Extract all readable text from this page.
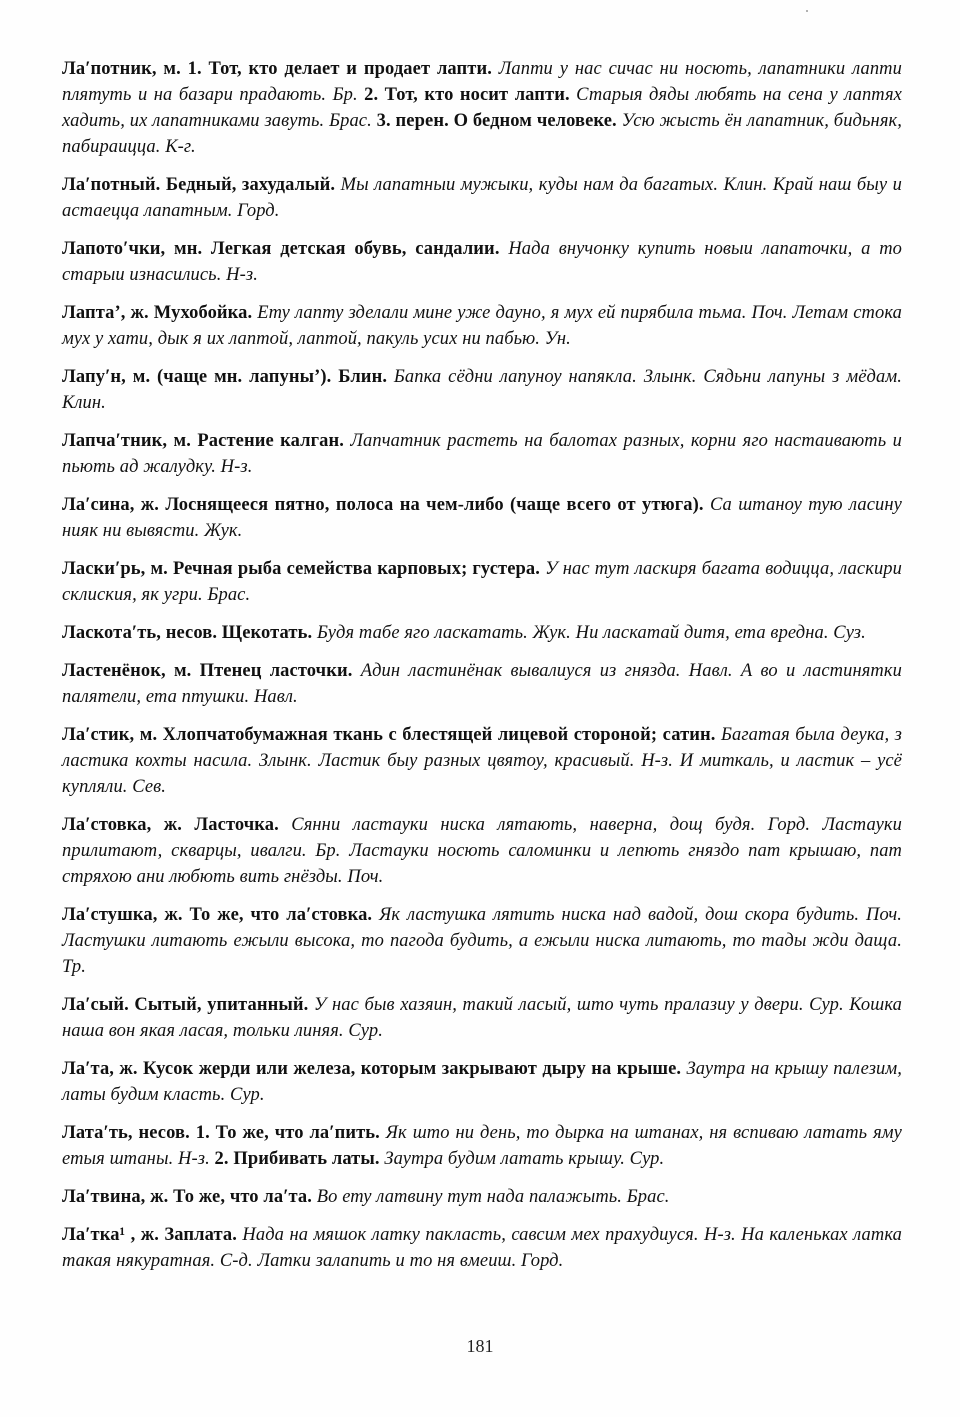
Ла′потник, м. 1. Тот, кто делает и продает лапти. Лапти у нас сичас ни носють, лапатники лапти плятуть и на базари прадають. Бр. 2. Тот, кто носит лапти. Старыя дяды любять на сена у лаптях хадить, их лапатниками завуть. Брас. 3. перен. О бедном человеке. Усю жысть ён лапатник, бидьняк, пабираицца. К-г.

Ла′потный. Бедный, захудалый. Мы лапатныи мужыки, куды нам да багатых. Клин. Край наш быу и астаецца лапатным. Горд.

Лапото′чки, мн. Легкая детская обувь, сандалии. Нада внучонку купить новыи лапаточки, а то старыи изнасились. Н-з.

Лапта’, ж. Мухобойка. Ету лапту зделали мине уже дауно, я мух ей пирябила тьма. Поч. Летам стока мух у хати, дык я их лаптой, лаптой, пакуль усих ни пабью. Ун.

Лапу′н, м. (чаще мн. лапуны’). Блин. Бапка сёдни лапуноу напякла. Злынк. Сядьни лапуны з мёдам. Клин.

Лапча′тник, м. Растение калган. Лапчатник растеть на балотах разных, корни яго настаивають и пьють ад жалудку. Н-з.

Ла′сина, ж. Лоснящееся пятно, полоса на чем-либо (чаще всего от утюга). Са штаноу тую ласину нияк ни вывясти. Жук.

Ласки′рь, м. Речная рыба семейства карповых; густера. У нас тут ласкиря багата водицца, ласкири склиския, як угри. Брас.

Ласкота′ть, несов. Щекотать. Будя табе яго ласкатать. Жук. Ни ласкатай дитя, ета вредна. Суз.

Ластенёнок, м. Птенец ласточки. Адин ластинёнак вывалиуся из гнязда. Навл. А во и ластинятки палятели, ета птушки. Навл.

Ла′стик, м. Хлопчатобумажная ткань с блестящей лицевой стороной; сатин. Багатая была деука, з ластика кохты насила. Злынк. Ластик быу разных цвятоу, красивый. Н-з. И миткаль, и ластик – усё купляли. Сев.

Ла′стовка, ж. Ласточка. Сянни ластауки ниска лятають, наверна, дощ будя. Горд. Ластауки прилитают, скварцы, ивалги. Бр. Ластауки носють саломинки и лепють гняздо пат крышаю, пат стряхою ани любють вить гнёзды. Поч.

Ла′стушка, ж. То же, что ла′стовка. Як ластушка лятить ниска над вадой, дош скора будить. Поч. Ластушки литають ежыли высока, то пагода будить, а ежыли ниска литають, то тады жди даща. Тр.

Ла′сый. Сытый, упитанный. У нас быв хазяин, такий ласый, што чуть пралазиу у двери. Сур. Кошка наша вон якая ласая, тольки линяя. Сур.

Ла′та, ж. Кусок жерди или железа, которым закрывают дыру на крыше. Заутра на крышу палезим, латы будим класть. Сур.

Лата′ть, несов. 1. То же, что ла′пить. Як што ни день, то дырка на штанах, ня вспиваю латать яму етыя штаны. Н-з. 2. Прибивать латы. Заутра будим латать крышу. Сур.

Ла′твина, ж. То же, что ла′та. Во ету латвину тут нада палажыть. Брас.

Ла′тка¹ , ж. Заплата. Нада на мяшок латку пакласть, савсим мех прахудиуся. Н-з. На каленьках латка такая някуратная. С-д. Латки залапить и то ня вмеиш. Горд.

181
